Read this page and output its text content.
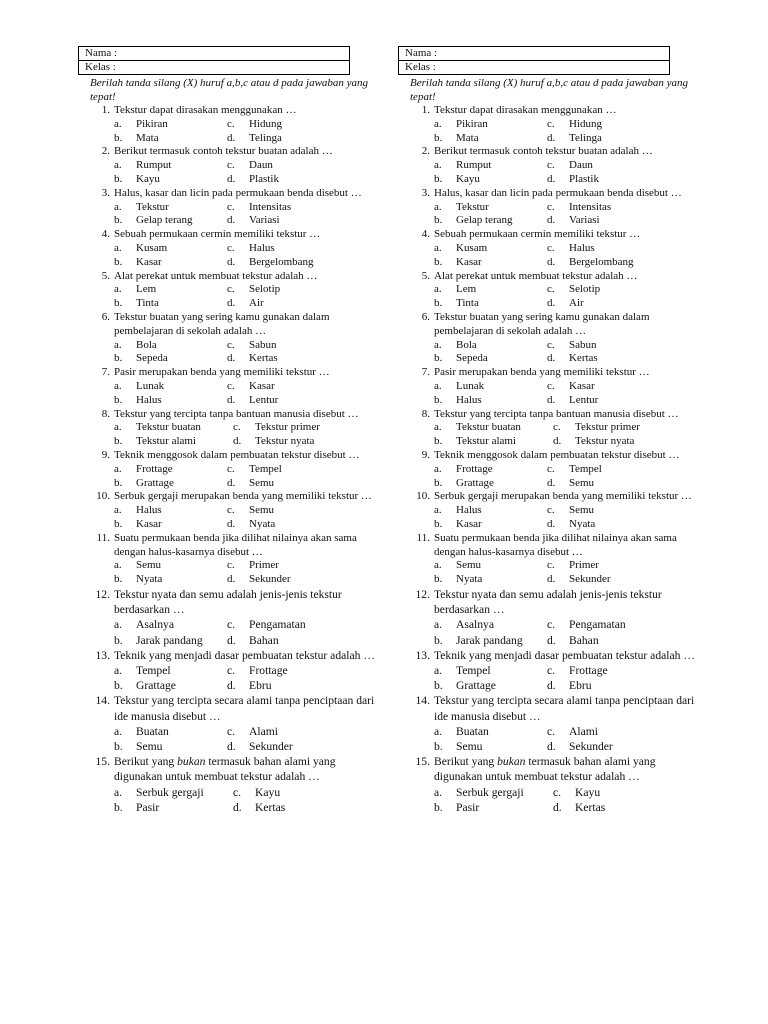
Nama :
Kelas :
Berilah tanda silang (X) huruf a,b,c atau d pada jawaban yang tepat!
1. Tekstur dapat dirasakan menggunakan …
a.	Pikiran	c.	Hidung
b.	Mata	d.	Telinga
2. Berikut termasuk contoh tekstur buatan adalah …
a.	Rumput	c.	Daun
b.	Kayu	d.	Plastik
3. Halus, kasar dan licin pada permukaan benda disebut …
a.	Tekstur	c.	Intensitas
b.	Gelap terang	d.	Variasi
4. Sebuah permukaan cermin memiliki tekstur …
a.	Kusam	c.	Halus
b.	Kasar	d.	Bergelombang
5. Alat perekat untuk membuat tekstur adalah …
a.	Lem	c.	Selotip
b.	Tinta	d.	Air
6. Tekstur buatan yang sering kamu gunakan dalam pembelajaran di sekolah adalah …
a.	Bola	c.	Sabun
b.	Sepeda	d.	Kertas
7. Pasir merupakan benda yang memiliki tekstur …
a.	Lunak	c.	Kasar
b.	Halus	d.	Lentur
8. Tekstur yang tercipta tanpa bantuan manusia disebut …
a.	Tekstur buatan	c.	Tekstur primer
b.	Tekstur alami	d.	Tekstur nyata
9. Teknik menggosok dalam pembuatan tekstur disebut …
a.	Frottage	c.	Tempel
b.	Grattage	d.	Semu
10. Serbuk gergaji merupakan benda yang memiliki tekstur …
a.	Halus	c.	Semu
b.	Kasar	d.	Nyata
11. Suatu permukaan benda jika dilihat nilainya akan sama dengan halus-kasarnya disebut …
a.	Semu	c.	Primer
b.	Nyata	d.	Sekunder
12. Tekstur nyata dan semu adalah jenis-jenis tekstur berdasarkan …
a.	Asalnya	c.	Pengamatan
b.	Jarak pandang	d.	Bahan
13. Teknik yang menjadi dasar pembuatan tekstur adalah …
a.	Tempel	c.	Frottage
b.	Grattage	d.	Ebru
14. Tekstur yang tercipta secara alami tanpa penciptaan dari ide manusia disebut …
a.	Buatan	c.	Alami
b.	Semu	d.	Sekunder
15. Berikut yang bukan termasuk bahan alami yang digunakan untuk membuat tekstur adalah …
a.	Serbuk gergaji	c.	Kayu
b.	Pasir	d.	Kertas
Nama :
Kelas :
Berilah tanda silang (X) huruf a,b,c atau d pada jawaban yang tepat!
1. Tekstur dapat dirasakan menggunakan …
a.	Pikiran	c.	Hidung
b.	Mata	d.	Telinga
2. Berikut termasuk contoh tekstur buatan adalah …
a.	Rumput	c.	Daun
b.	Kayu	d.	Plastik
3. Halus, kasar dan licin pada permukaan benda disebut …
a.	Tekstur	c.	Intensitas
b.	Gelap terang	d.	Variasi
4. Sebuah permukaan cermin memiliki tekstur …
a.	Kusam	c.	Halus
b.	Kasar	d.	Bergelombang
5. Alat perekat untuk membuat tekstur adalah …
a.	Lem	c.	Selotip
b.	Tinta	d.	Air
6. Tekstur buatan yang sering kamu gunakan dalam pembelajaran di sekolah adalah …
a.	Bola	c.	Sabun
b.	Sepeda	d.	Kertas
7. Pasir merupakan benda yang memiliki tekstur …
a.	Lunak	c.	Kasar
b.	Halus	d.	Lentur
8. Tekstur yang tercipta tanpa bantuan manusia disebut …
a.	Tekstur buatan	c.	Tekstur primer
b.	Tekstur alami	d.	Tekstur nyata
9. Teknik menggosok dalam pembuatan tekstur disebut …
a.	Frottage	c.	Tempel
b.	Grattage	d.	Semu
10. Serbuk gergaji merupakan benda yang memiliki tekstur …
a.	Halus	c.	Semu
b.	Kasar	d.	Nyata
11. Suatu permukaan benda jika dilihat nilainya akan sama dengan halus-kasarnya disebut …
a.	Semu	c.	Primer
b.	Nyata	d.	Sekunder
12. Tekstur nyata dan semu adalah jenis-jenis tekstur berdasarkan …
a.	Asalnya	c.	Pengamatan
b.	Jarak pandang	d.	Bahan
13. Teknik yang menjadi dasar pembuatan tekstur adalah …
a.	Tempel	c.	Frottage
b.	Grattage	d.	Ebru
14. Tekstur yang tercipta secara alami tanpa penciptaan dari ide manusia disebut …
a.	Buatan	c.	Alami
b.	Semu	d.	Sekunder
15. Berikut yang bukan termasuk bahan alami yang digunakan untuk membuat tekstur adalah …
a.	Serbuk gergaji	c.	Kayu
b.	Pasir	d.	Kertas
